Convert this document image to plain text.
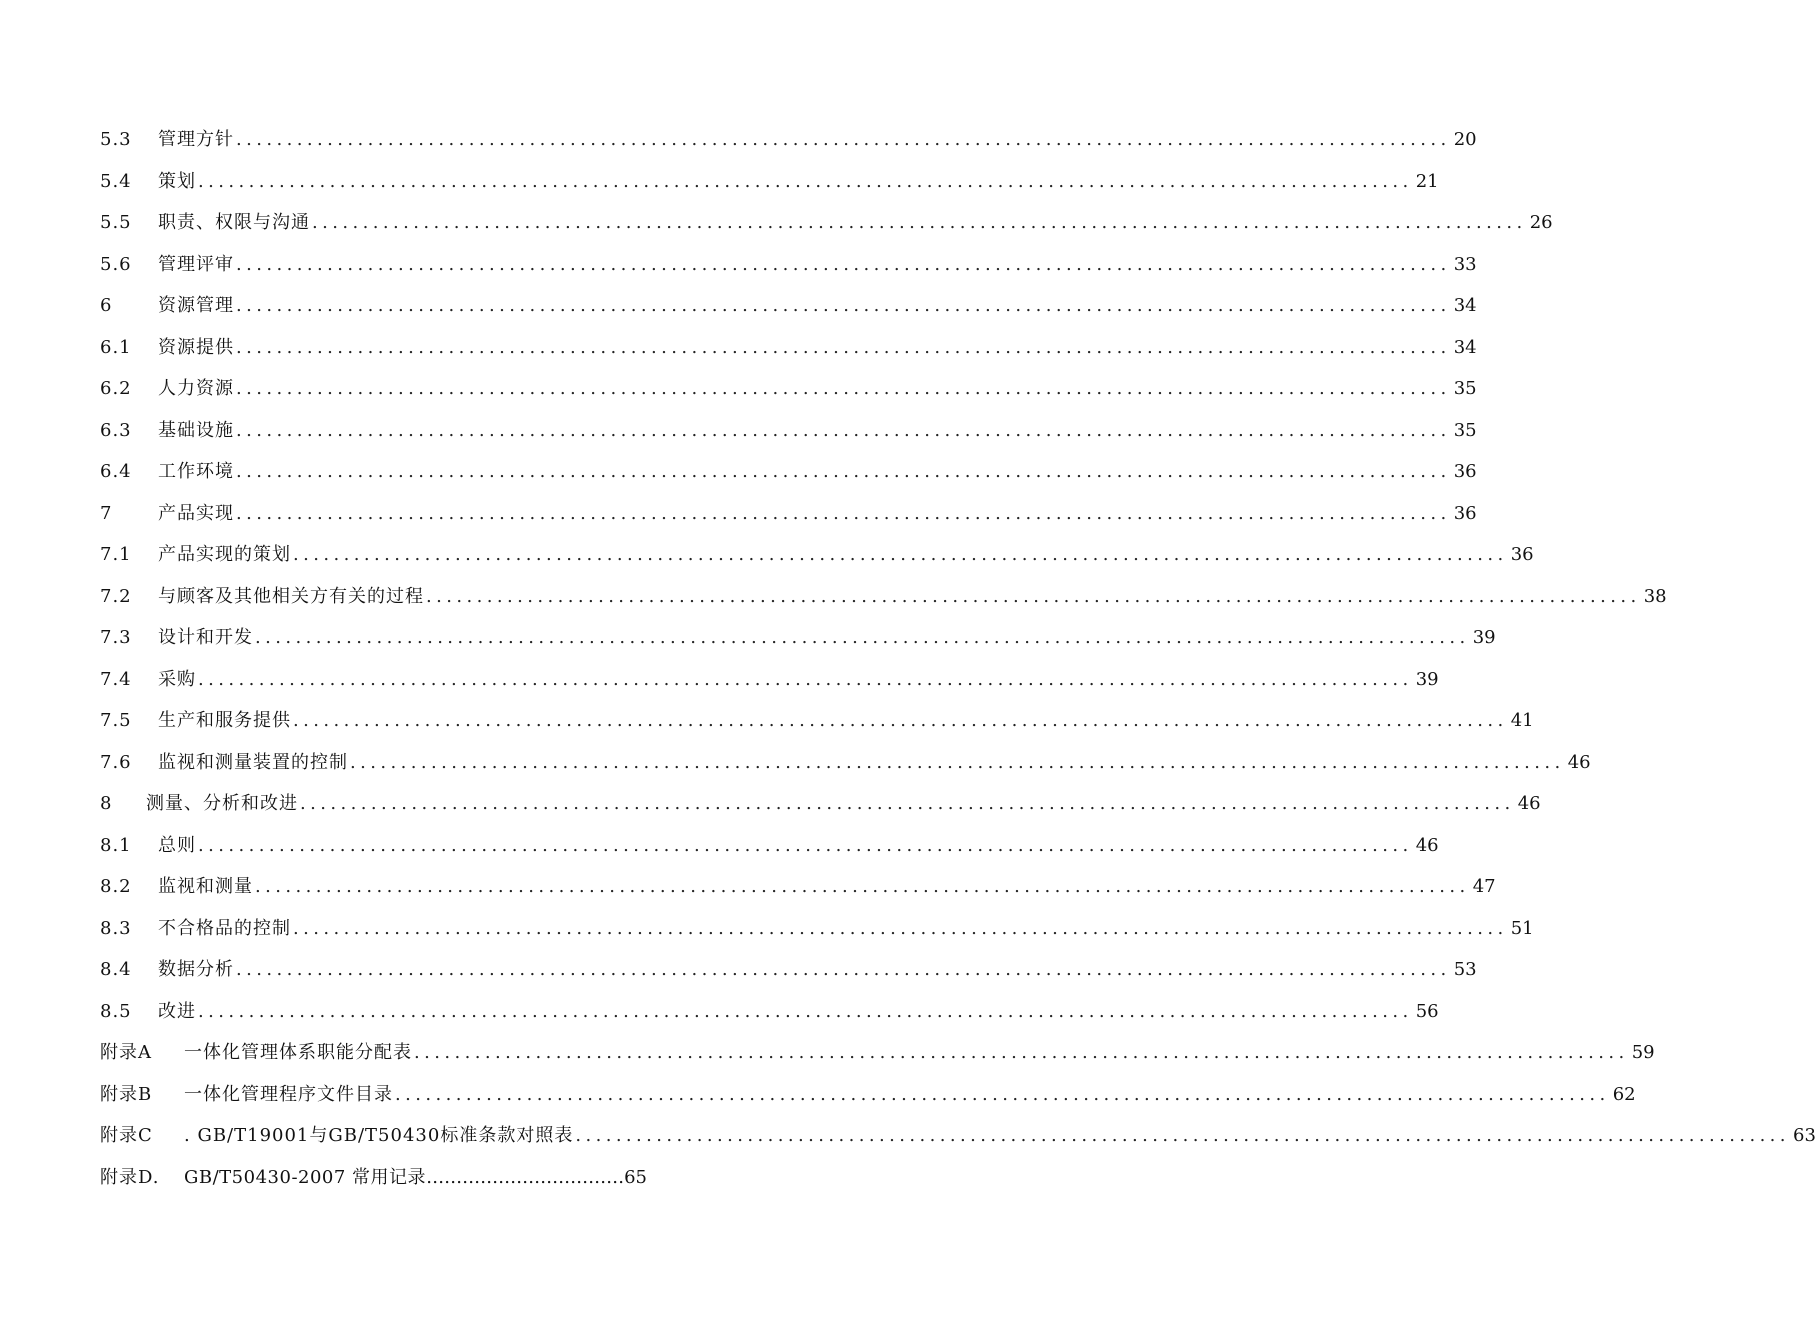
5.3	管理方针 ........................................................................................................................ 20
5.4	策划 ........................................................................................................................ 21
5.5	职责、权限与沟通 ........................................................................................................................ 26
5.6	管理评审 ........................................................................................................................ 33
6	资源管理 ........................................................................................................................ 34
6.1	资源提供 ........................................................................................................................ 34
6.2	人力资源 ........................................................................................................................ 35
6.3	基础设施 ........................................................................................................................ 35
6.4	工作环境 ........................................................................................................................ 36
7	产品实现 ........................................................................................................................ 36
7.1	产品实现的策划 ........................................................................................................................ 36
7.2	与顾客及其他相关方有关的过程 ........................................................................................................................ 38
7.3	设计和开发 ........................................................................................................................ 39
7.4	采购 ........................................................................................................................ 39
7.5	生产和服务提供 ........................................................................................................................ 41
7.6	监视和测量装置的控制 ........................................................................................................................ 46
8	测量、分析和改进 ........................................................................................................................ 46
8.1	总则 ........................................................................................................................ 46
8.2	监视和测量 ........................................................................................................................ 47
8.3	不合格品的控制 ........................................................................................................................ 51
8.4	数据分析 ........................................................................................................................ 53
8.5	改进 ........................................................................................................................ 56
附录A	一体化管理体系职能分配表 ........................................................................................................................ 59
附录B	一体化管理程序文件目录 ........................................................................................................................ 62
附录C	. GB/T19001与GB/T50430标准条款对照表 ........................................................................................................................ 63
附录D.	GB/T50430-2007 常用记录 …………………………… 65
